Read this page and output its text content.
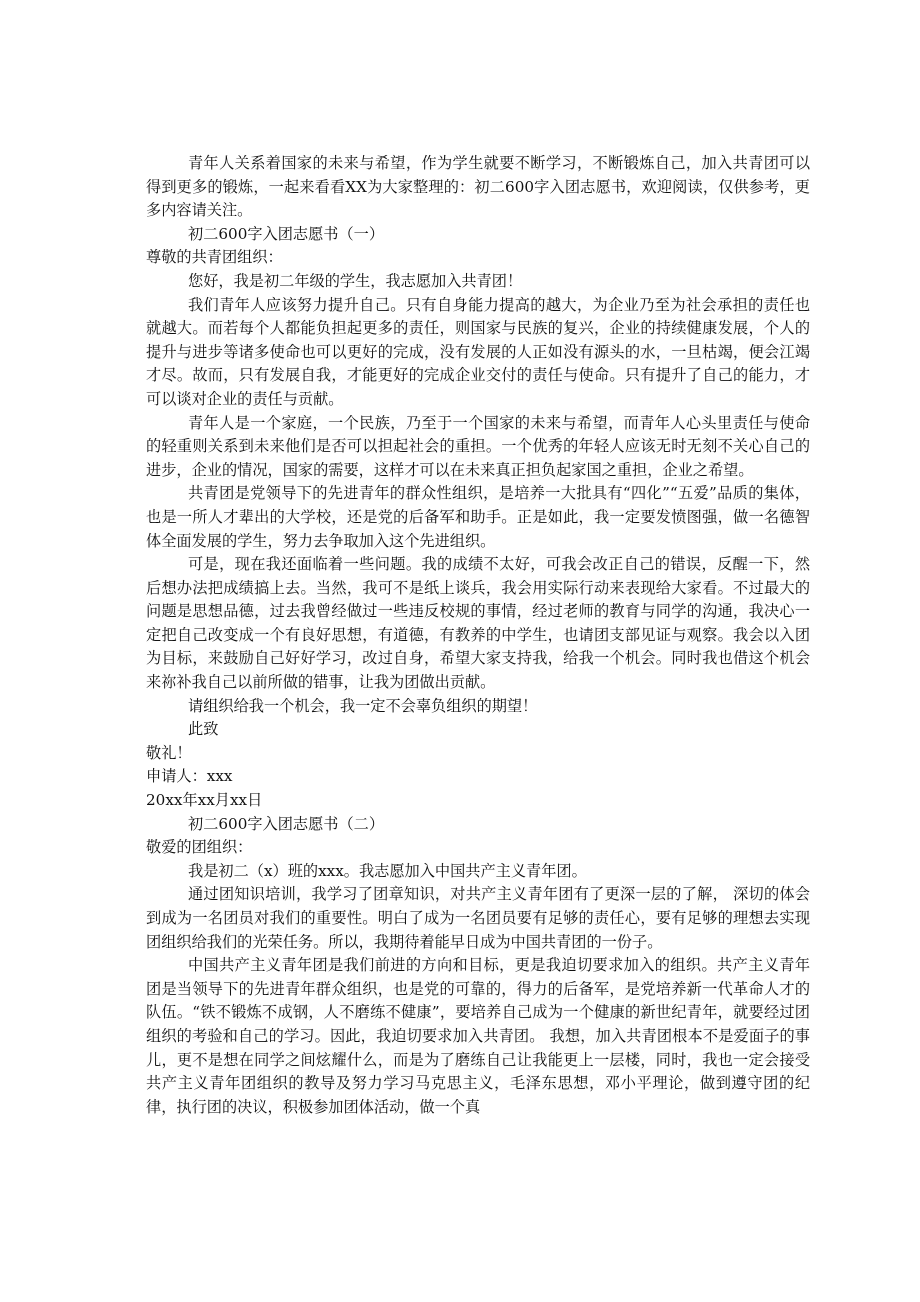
青年人关系着国家的未来与希望，作为学生就要不断学习，不断锻炼自己，加入共青团可以得到更多的锻炼，一起来看看XX为大家整理的：初二600字入团志愿书，欢迎阅读，仅供参考，更多内容请关注。

初二600字入团志愿书（一）

尊敬的共青团组织：

您好，我是初二年级的学生，我志愿加入共青团！

我们青年人应该努力提升自己。只有自身能力提高的越大，为企业乃至为社会承担的责任也就越大。而若每个人都能负担起更多的责任，则国家与民族的复兴，企业的持续健康发展，个人的提升与进步等诸多使命也可以更好的完成，没有发展的人正如没有源头的水，一旦枯竭，便会江竭才尽。故而，只有发展自我，才能更好的完成企业交付的责任与使命。只有提升了自己的能力，才可以谈对企业的责任与贡献。

青年人是一个家庭，一个民族，乃至于一个国家的未来与希望，而青年人心头里责任与使命的轻重则关系到未来他们是否可以担起社会的重担。一个优秀的年轻人应该无时无刻不关心自己的进步，企业的情况，国家的需要，这样才可以在未来真正担负起家国之重担，企业之希望。

共青团是党领导下的先进青年的群众性组织，是培养一大批具有“四化”“五爱”品质的集体，也是一所人才辈出的大学校，还是党的后备军和助手。正是如此，我一定要发愤图强，做一名德智体全面发展的学生，努力去争取加入这个先进组织。

可是，现在我还面临着一些问题。我的成绩不太好，可我会改正自己的错误，反醒一下，然后想办法把成绩搞上去。当然，我可不是纸上谈兵，我会用实际行动来表现给大家看。不过最大的问题是思想品德，过去我曾经做过一些违反校规的事情，经过老师的教育与同学的沟通，我决心一定把自己改变成一个有良好思想，有道德，有教养的中学生，也请团支部见证与观察。我会以入团为目标，来鼓励自己好好学习，改过自身，希望大家支持我，给我一个机会。同时我也借这个机会来祢补我自己以前所做的错事，让我为团做出贡献。

请组织给我一个机会，我一定不会辜负组织的期望！

此致

敬礼！

申请人：xxx

20xx年xx月xx日

初二600字入团志愿书（二）

敬爱的团组织：

我是初二（x）班的xxx。我志愿加入中国共产主义青年团。

通过团知识培训，我学习了团章知识，对共产主义青年团有了更深一层的了解， 深切的体会到成为一名团员对我们的重要性。明白了成为一名团员要有足够的责任心，要有足够的理想去实现团组织给我们的光荣任务。所以，我期待着能早日成为中国共青团的一份子。

中国共产主义青年团是我们前进的方向和目标，更是我迫切要求加入的组织。共产主义青年团是当领导下的先进青年群众组织，也是党的可靠的，得力的后备军，是党培养新一代革命人才的队伍。“铁不锻炼不成钢，人不磨练不健康”，要培养自己成为一个健康的新世纪青年，就要经过团组织的考验和自己的学习。因此，我迫切要求加入共青团。 我想，加入共青团根本不是爱面子的事儿，更不是想在同学之间炫耀什么，而是为了磨练自己让我能更上一层楼，同时，我也一定会接受共产主义青年团组织的教导及努力学习马克思主义，毛泽东思想，邓小平理论，做到遵守团的纪律，执行团的决议，积极参加团体活动，做一个真
